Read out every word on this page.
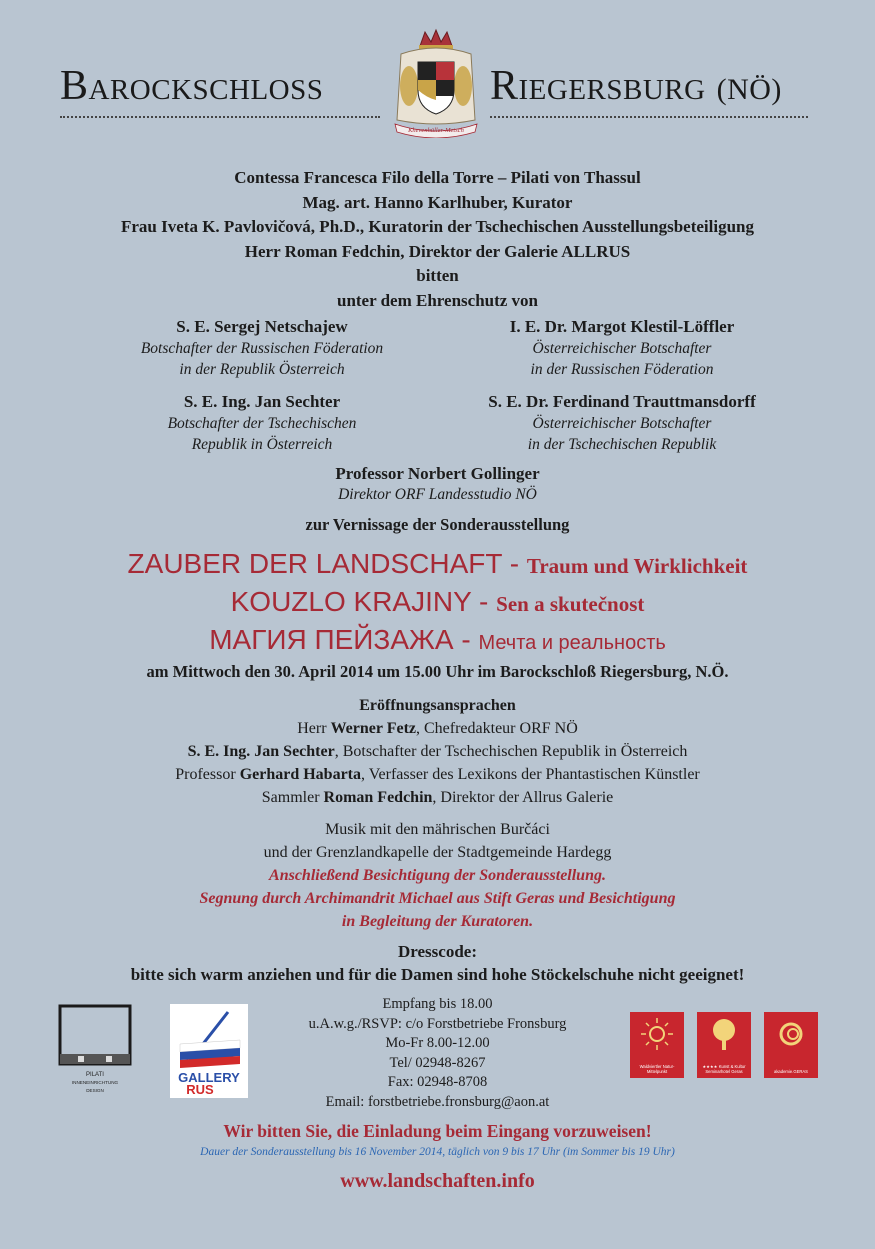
Barockschloss	Riegersburg (NÖ)
Khevenhüller-Metsch
Contessa Francesca Filo della Torre – Pilati von Thassul
Mag. art. Hanno Karlhuber, Kurator
Frau Iveta K. Pavlovičová, Ph.D., Kuratorin der Tschechischen Ausstellungsbeteiligung
Herr Roman Fedchin, Direktor der Galerie ALLRUS
bitten
unter dem Ehrenschutz von
S. E. Sergej Netschajew
Botschafter der Russischen Föderation
in der Republik Österreich
I. E. Dr. Margot Klestil-Löffler
Österreichischer Botschafter
in der Russischen Föderation
S. E. Ing. Jan Sechter
Botschafter der Tschechischen
Republik in Österreich
S. E. Dr. Ferdinand Trauttmansdorff
Österreichischer Botschafter
in der Tschechischen Republik
Professor Norbert Gollinger
Direktor ORF Landesstudio NÖ
zur Vernissage der Sonderausstellung
ZAUBER DER LANDSCHAFT - Traum und Wirklichkeit
KOUZLO KRAJINY - Sen a skutečnost
МАГИЯ ПЕЙЗАЖА - Мечта и реальность
am Mittwoch den 30. April 2014 um 15.00 Uhr im Barockschloß Riegersburg, N.Ö.
Eröffnungsansprachen
Herr Werner Fetz, Chefredakteur ORF NÖ
S. E. Ing. Jan Sechter, Botschafter der Tschechischen Republik in Österreich
Professor Gerhard Habarta, Verfasser des Lexikons der Phantastischen Künstler
Sammler Roman Fedchin, Direktor der Allrus Galerie
Musik mit den mährischen Burčáci
und der Grenzlandkapelle der Stadtgemeinde Hardegg
Anschließend Besichtigung der Sonderausstellung.
Segnung durch Archimandrit Michael aus Stift Geras und Besichtigung
in Begleitung der Kuratoren.
Dresscode:
bitte sich warm anziehen und für die Damen sind hohe Stöckelschuhe nicht geeignet!
Empfang bis 18.00
u.A.w.g./RSVP: c/o Forstbetriebe Fronsburg
Mo-Fr 8.00-12.00
Tel/ 02948-8267
Fax: 02948-8708
Email: forstbetriebe.fronsburg@aon.at
PILATI
INNENEINRICHTUNG
DESIGN
GALLERY
RUS
Waldviertler Natur- Mittelpunkt
★★★★ Kunst & Kultur Seminarhotel Geras	akademie.GERAS
Wir bitten Sie, die Einladung beim Eingang vorzuweisen!
Dauer der Sonderausstellung bis 16 November 2014, täglich von 9 bis 17 Uhr (im Sommer bis 19 Uhr)
www.landschaften.info
